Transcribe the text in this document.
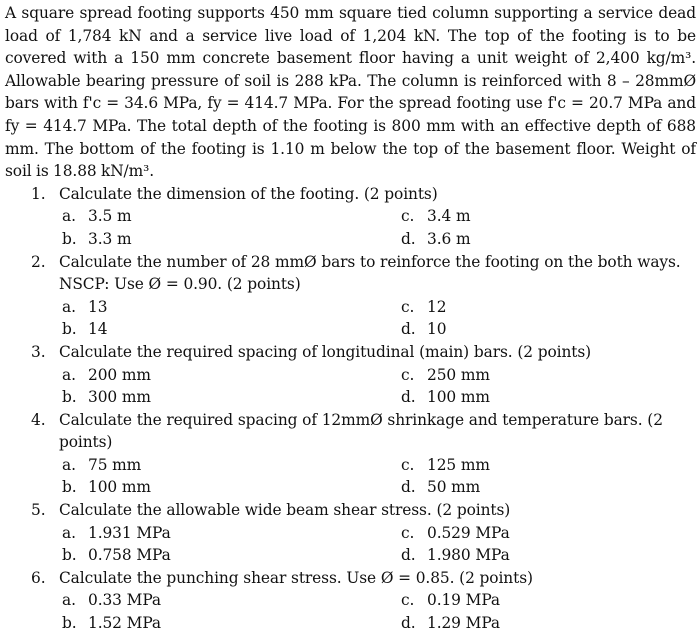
A square spread footing supports 450 mm square tied column supporting a service dead load of 1,784 kN and a service live load of 1,204 kN. The top of the footing is to be covered with a 150 mm concrete basement floor having a unit weight of 2,400 kg/m³. Allowable bearing pressure of soil is 288 kPa. The column is reinforced with 8 – 28mmØ bars with f'c = 34.6 MPa, fy = 414.7 MPa. For the spread footing use f'c = 20.7 MPa and fy = 414.7 MPa. The total depth of the footing is 800 mm with an effective depth of 688 mm. The bottom of the footing is 1.10 m below the top of the basement floor. Weight of soil is 18.88 kN/m³.

1. Calculate the dimension of the footing. (2 points)
a. 3.5 m	c. 3.4 m
b. 3.3 m	d. 3.6 m
2. Calculate the number of 28 mmØ bars to reinforce the footing on the both ways. NSCP: Use Ø = 0.90. (2 points)
a. 13	c. 12
b. 14	d. 10
3. Calculate the required spacing of longitudinal (main) bars. (2 points)
a. 200 mm	c. 250 mm
b. 300 mm	d. 100 mm
4. Calculate the required spacing of 12mmØ shrinkage and temperature bars. (2 points)
a. 75 mm	c. 125 mm
b. 100 mm	d. 50 mm
5. Calculate the allowable wide beam shear stress. (2 points)
a. 1.931 MPa	c. 0.529 MPa
b. 0.758 MPa	d. 1.980 MPa
6. Calculate the punching shear stress. Use Ø = 0.85. (2 points)
a. 0.33 MPa	c. 0.19 MPa
b. 1.52 MPa	d. 1.29 MPa
